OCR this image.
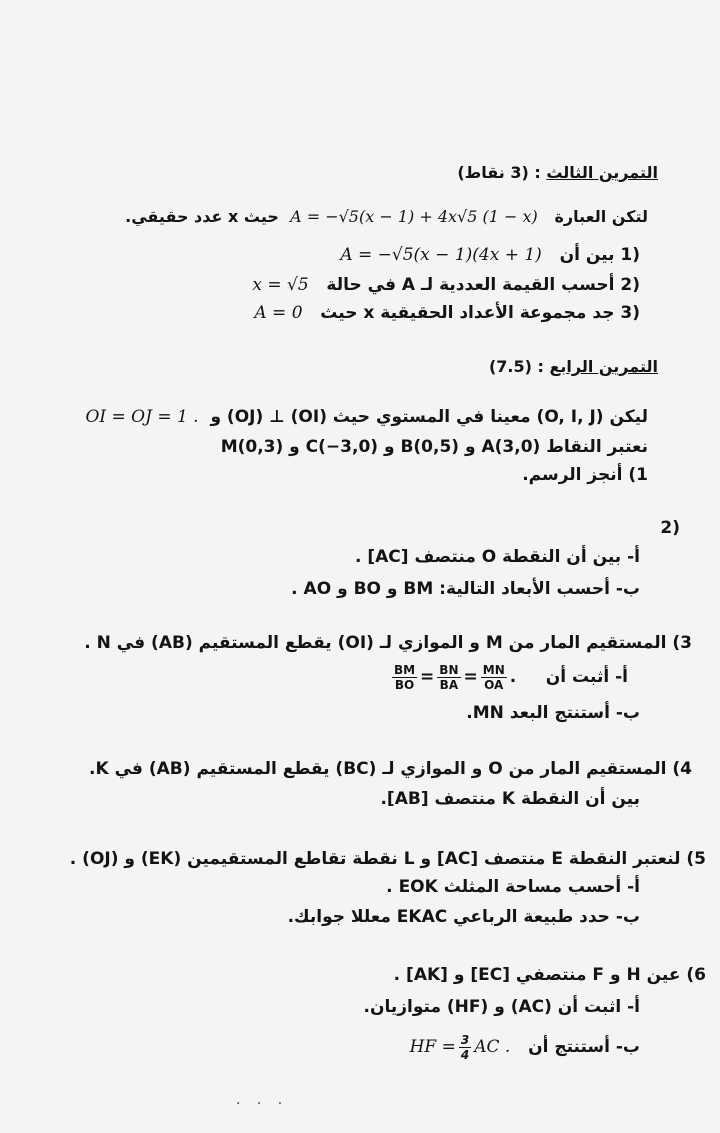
التمرين الثالث : (3 نقاط)
لتكن العبارة   A = −√5(x − 1) + 4x√5 (1 − x)  حيث x عدد حقيقي.
(1 بين أن   A = −√5(x − 1)(4x + 1)
(2 أحسب القيمة العددية لـ A في حالة   x = √5
(3 جد مجموعة الأعداد الحقيقية x حيث   A = 0
التمرين الرابع : (7.5)
ليكن (O, I, J) معينا في المستوي حيث (OI) ⊥ (OJ) و  OI = OJ = 1 .
نعتبر النقاط A(3,0) و B(0,5) و C(−3,0) و M(0,3)
1) أنجز الرسم.
(2
أ- بين أن النقطة O منتصف [AC] .
ب- أحسب الأبعاد التالية: BM و BO و AO .
3) المستقيم المار من M و الموازي لـ (OI) يقطع المستقيم (AB) في N .
أ- أثبت أن
$\frac{BM}{BO} = \frac{BN}{BA} = \frac{MN}{OA}$ .
ب- أستنتج البعد MN.
4) المستقيم المار من O و الموازي لـ (BC) يقطع المستقيم (AB) في K.
بين أن النقطة K منتصف [AB].
5) لنعتبر النقطة E منتصف [AC] و L نقطة تقاطع المستقيمين (EK) و (OJ) .
أ- أحسب مساحة المثلث EOK .
ب- حدد طبيعة الرباعي EKAC معللا جوابك.
6) عين H و F منتصفي [EC] و [AK] .
أ- اثبت أن (AC) و (HF) متوازيان.
ب- أستنتج أن   HF = $\frac{3}{4}$ AC .
· · ·
